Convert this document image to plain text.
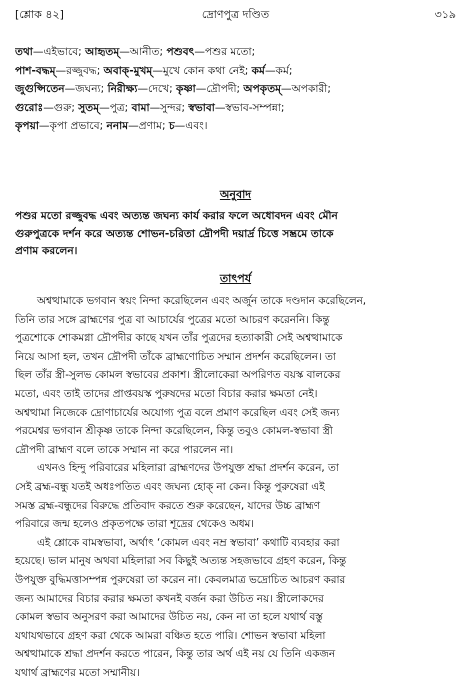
[শ্লোক ৪২]	দ্রোণপুত্র দণ্ডিত	৩১৯
তথা—এইভাবে; আহৃতম্—আনীত; পশুবৎ—পশুর মতো;
পাশ-বদ্ধম্—রজ্জুবদ্ধ; অবাক্-মুখম্—মুখে কোন কথা নেই; কর্ম—কর্ম;
জুগুপ্সিতেন—জঘন্য; নিরীক্ষ্য—দেখে; কৃষ্ণা—দ্রৌপদী; অপকৃতম্—অপকারী;
গুরোঃ—গুরু; সুতম্—পুত্র; বামা—সুন্দর; স্বভাবা—স্বভাব-সম্পন্না;
কৃপয়া—কৃপা প্রভাবে; ননাম—প্রণাম; চ—এবং।
অনুবাদ
পশুর মতো রজ্জুবদ্ধ এবং অত্যন্ত জঘন্য কার্য করার ফলে অধোবদন এবং মৌন
গুরুপুত্রকে দর্শন করে অত্যন্ত শোভন-চরিতা দ্রৌপদী দয়ার্দ্র চিত্তে সম্ভ্রমে তাকে
প্রণাম করলেন।
তাৎপর্য
অশ্বত্থামাকে ভগবান স্বয়ং নিন্দা করেছিলেন এবং অর্জুন তাকে দণ্ডদান করেছিলেন,
তিনি তার সঙ্গে ব্রাহ্মণের পুত্র বা আচার্যের পুত্রের মতো আচরণ করেননি। কিন্তু
পুত্রশোকে শোকমগ্না দ্রৌপদীর কাছে যখন তাঁর পুত্রদের হত্যাকারী সেই অশ্বত্থামাকে
নিয়ে আসা হল, তখন দ্রৌপদী তাঁকে ব্রাহ্মণোচিত সম্মান প্রদর্শন করেছিলেন। তা
ছিল তাঁর স্ত্রী-সুলভ কোমল স্বভাবের প্রকাশ। স্ত্রীলোকেরা অপরিণত বয়স্ক বালকের
মতো, এবং তাই তাদের প্রাপ্তবয়স্ক পুরুষদের মতো বিচার করার ক্ষমতা নেই।
অশ্বত্থামা নিজেকে দ্রোণাচার্যের অযোগ্য পুত্র বলে প্রমাণ করেছিল এবং সেই জন্য
পরমেশ্বর ভগবান শ্রীকৃষ্ণ তাকে নিন্দা করেছিলেন, কিন্তু তবুও কোমল-স্বভাবা স্ত্রী
দ্রৌপদী ব্রাহ্মণ বলে তাকে সম্মান না করে পারলেন না।
এখনও হিন্দু পরিবারের মহিলারা ব্রাহ্মণদের উপযুক্ত শ্রদ্ধা প্রদর্শন করেন, তা
সেই ব্রহ্ম-বন্ধু যতই অধঃপতিত এবং জঘন্য হোক্ না কেন। কিন্তু পুরুষেরা এই
সমস্ত ব্রহ্ম-বন্ধুদের বিরুদ্ধে প্রতিবাদ করতে শুরু করেছেন, যাদের উচ্চ ব্রাহ্মণ
পরিবারে জন্ম হলেও প্রকৃতপক্ষে তারা শূদ্রের থেকেও অধম।
এই শ্লোকে বামস্বভাবা, অর্থাৎ ‘কোমল এবং নম্র স্বভাবা’ কথাটি ব্যবহার করা
হয়েছে। ভাল মানুষ অথবা মহিলারা সব কিছুই অত্যন্ত সহজভাবে গ্রহণ করেন, কিন্তু
উপযুক্ত বুদ্ধিমত্তাসম্পন্ন পুরুষেরা তা করেন না। কেবলমাত্র ভদ্রোচিত আচরণ করার
জন্য আমাদের বিচার করার ক্ষমতা কখনই বর্জন করা উচিত নয়। স্ত্রীলোকদের
কোমল স্বভাব অনুসরণ করা আমাদের উচিত নয়, কেন না তা হলে যথার্থ বস্তু
যথাযথভাবে গ্রহণ করা থেকে আমরা বঞ্চিত হতে পারি। শোভন স্বভাবা মহিলা
অশ্বত্থামাকে শ্রদ্ধা প্রদর্শন করতে পারেন, কিন্তু তার অর্থ এই নয় যে তিনি একজন
যথার্থ ব্রাহ্মণের মতো সম্মানীয়।
